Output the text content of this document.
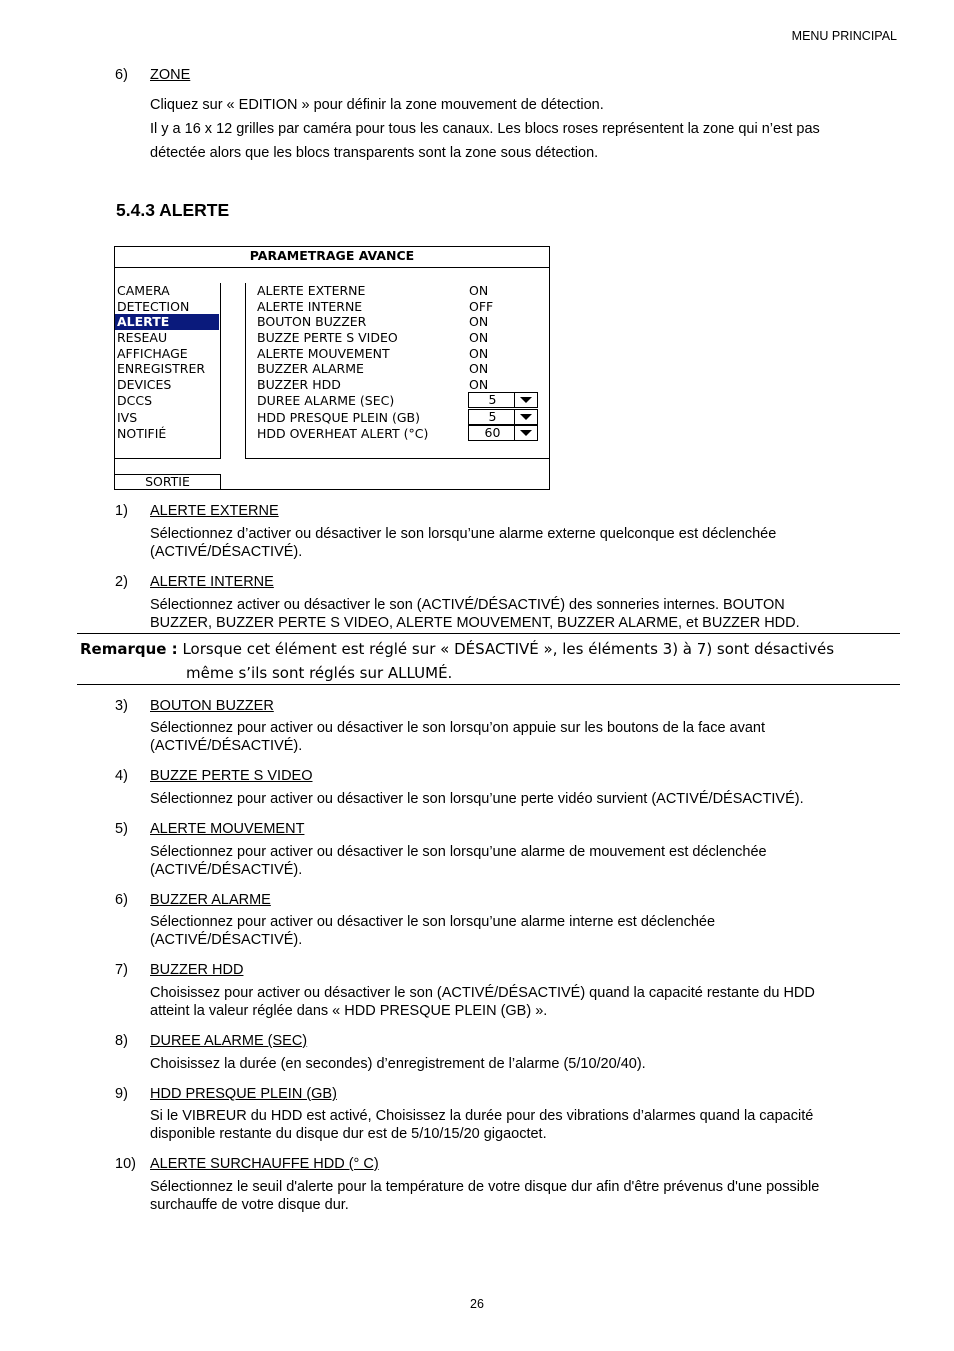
MENU PRINCIPAL
6) ZONE
Cliquez sur « EDITION » pour définir la zone mouvement de détection.
Il y a 16 x 12 grilles par caméra pour tous les canaux. Les blocs roses représentent la zone qui n’est pas
détectée alors que les blocs transparents sont la zone sous détection.
5.4.3 ALERTE
PARAMETRAGE AVANCE
CAMERA
DETECTION
ALERTE
RESEAU
AFFICHAGE
ENREGISTRER
DEVICES
DCCS
IVS
NOTIFIÉ
ALERTE EXTERNE	ON
ALERTE INTERNE	OFF
BOUTON BUZZER	ON
BUZZE PERTE S VIDEO	ON
ALERTE MOUVEMENT	ON
BUZZER ALARME	ON
BUZZER HDD	ON
DUREE ALARME (SEC)	5
HDD PRESQUE PLEIN (GB)	5
HDD OVERHEAT ALERT (°C)	60
SORTIE
1) ALERTE EXTERNE
Sélectionnez d’activer ou désactiver le son lorsqu’une alarme externe quelconque est déclenchée
(ACTIVÉ/DÉSACTIVÉ).
2) ALERTE INTERNE
Sélectionnez activer ou désactiver le son (ACTIVÉ/DÉSACTIVÉ) des sonneries internes. BOUTON
BUZZER, BUZZER PERTE S VIDEO, ALERTE MOUVEMENT, BUZZER ALARME, et BUZZER HDD.
Remarque : Lorsque cet élément est réglé sur « DÉSACTIVÉ », les éléments 3) à 7) sont désactivés
même s’ils sont réglés sur ALLUMÉ.
3) BOUTON BUZZER
Sélectionnez pour activer ou désactiver le son lorsqu’on appuie sur les boutons de la face avant
(ACTIVÉ/DÉSACTIVÉ).
4) BUZZE PERTE S VIDEO
Sélectionnez pour activer ou désactiver le son lorsqu’une perte vidéo survient (ACTIVÉ/DÉSACTIVÉ).
5) ALERTE MOUVEMENT
Sélectionnez pour activer ou désactiver le son lorsqu’une alarme de mouvement est déclenchée
(ACTIVÉ/DÉSACTIVÉ).
6) BUZZER ALARME
Sélectionnez pour activer ou désactiver le son lorsqu’une alarme interne est déclenchée
(ACTIVÉ/DÉSACTIVÉ).
7) BUZZER HDD
Choisissez pour activer ou désactiver le son (ACTIVÉ/DÉSACTIVÉ) quand la capacité restante du HDD
atteint la valeur réglée dans « HDD PRESQUE PLEIN (GB) ».
8) DUREE ALARME (SEC)
Choisissez la durée (en secondes) d’enregistrement de l’alarme (5/10/20/40).
9) HDD PRESQUE PLEIN (GB)
Si le VIBREUR du HDD est activé, Choisissez la durée pour des vibrations d’alarmes quand la capacité
disponible restante du disque dur est de 5/10/15/20 gigaoctet.
10) ALERTE SURCHAUFFE HDD (° C)
Sélectionnez le seuil d'alerte pour la température de votre disque dur afin d'être prévenus d'une possible
surchauffe de votre disque dur.
26
